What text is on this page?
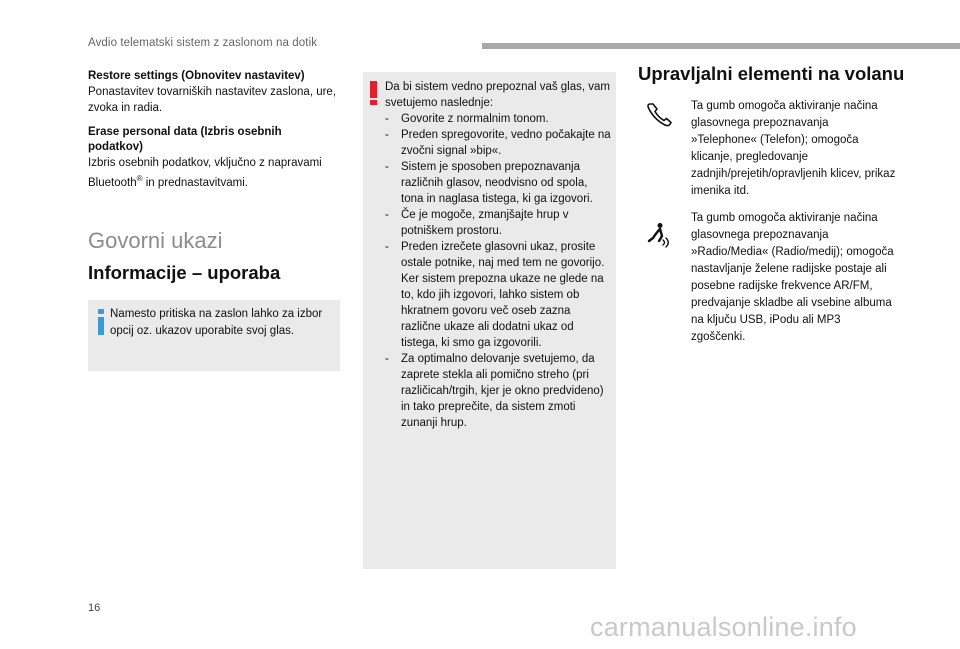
Avdio telematski sistem z zaslonom na dotik
Restore settings (Obnovitev nastavitev)
Ponastavitev tovarniških nastavitev zaslona, ure, zvoka in radia.
Erase personal data (Izbris osebnih podatkov)
Izbris osebnih podatkov, vključno z napravami Bluetooth® in prednastavitvami.
Govorni ukazi
Informacije – uporaba
Namesto pritiska na zaslon lahko za izbor opcij oz. ukazov uporabite svoj glas.
Da bi sistem vedno prepoznal vaš glas, vam svetujemo naslednje:
- Govorite z normalnim tonom.
- Preden spregovorite, vedno počakajte na zvočni signal »bip«.
- Sistem je sposoben prepoznavanja različnih glasov, neodvisno od spola, tona in naglasa tistega, ki ga izgovori.
- Če je mogoče, zmanjšajte hrup v potniškem prostoru.
- Preden izrečete glasovni ukaz, prosite ostale potnike, naj med tem ne govorijo. Ker sistem prepozna ukaze ne glede na to, kdo jih izgovori, lahko sistem ob hkratnem govoru več oseb zazna različne ukaze ali dodatni ukaz od tistega, ki smo ga izgovorili.
- Za optimalno delovanje svetujemo, da zaprete stekla ali pomično streho (pri različicah/trgih, kjer je okno predvideno) in tako preprečite, da sistem zmoti zunanji hrup.
Upravljalni elementi na volanu
Ta gumb omogoča aktiviranje načina glasovnega prepoznavanja »Telephone« (Telefon); omogoča klicanje, pregledovanje zadnjih/prejetih/opravljenih klicev, prikaz imenika itd.
Ta gumb omogoča aktiviranje načina glasovnega prepoznavanja »Radio/Media« (Radio/medij); omogoča nastavljanje želene radijske postaje ali posebne radijske frekvence AR/FM, predvajanje skladbe ali vsebine albuma na ključu USB, iPodu ali MP3 zgoščenki.
16
carmanualsonline.info
